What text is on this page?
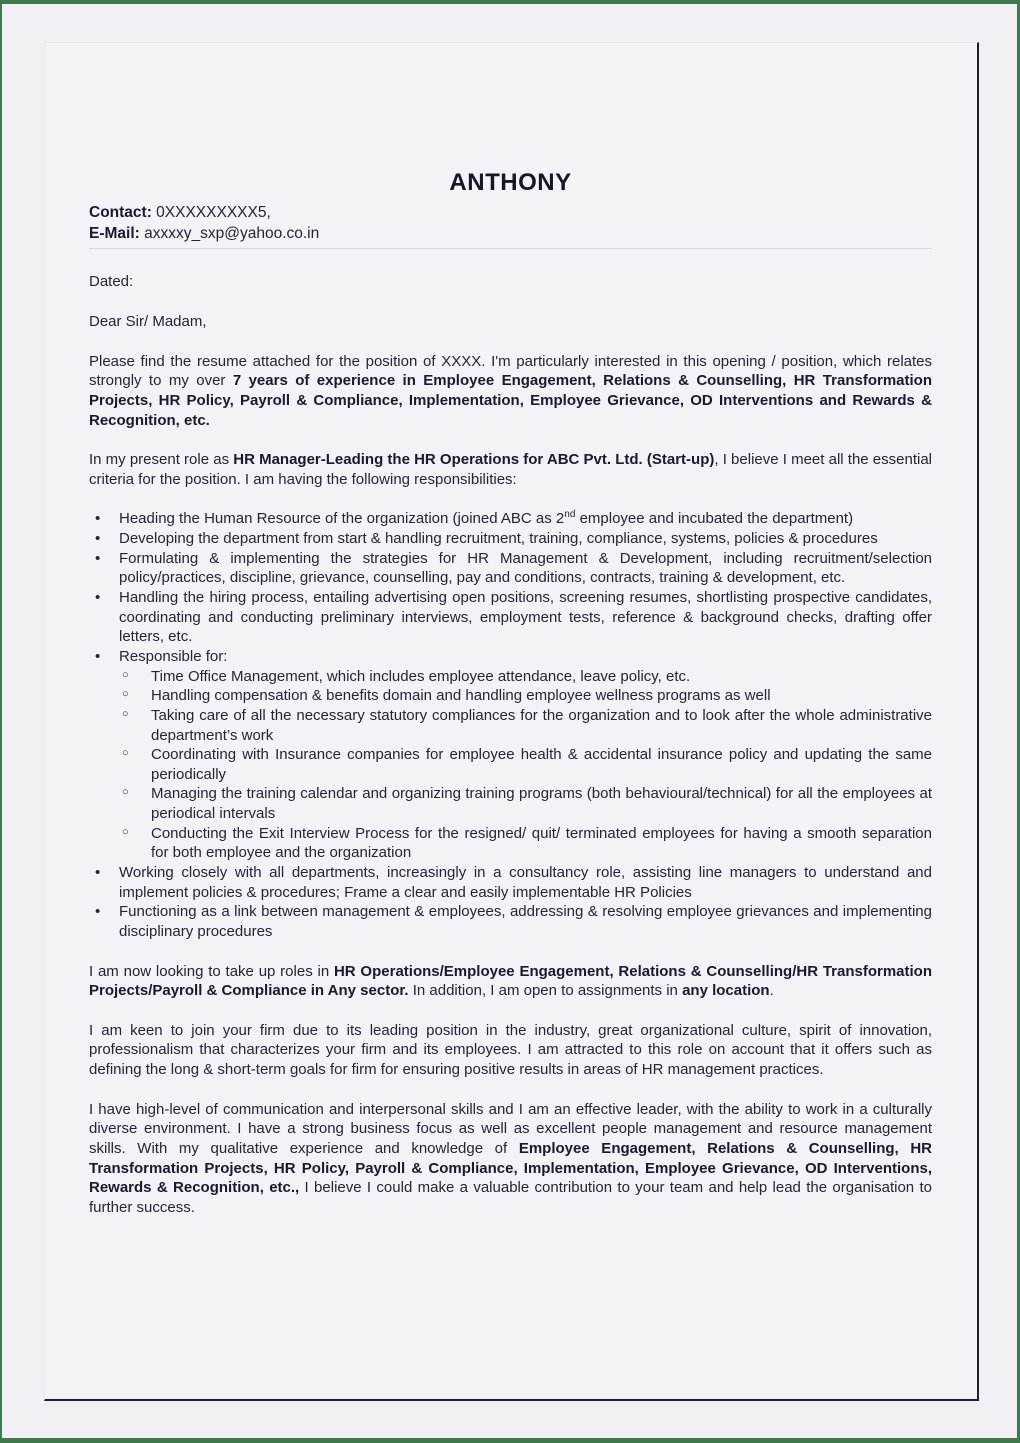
ANTHONY
Contact: 0XXXXXXXXX5,
E-Mail: axxxxy_sxp@yahoo.co.in
Dated:
Dear Sir/ Madam,

Please find the resume attached for the position of XXXX. I'm particularly interested in this opening / position, which relates strongly to my over 7 years of experience in Employee Engagement, Relations & Counselling, HR Transformation Projects, HR Policy, Payroll & Compliance, Implementation, Employee Grievance, OD Interventions and Rewards & Recognition, etc.

In my present role as HR Manager-Leading the HR Operations for ABC Pvt. Ltd. (Start-up), I believe I meet all the essential criteria for the position. I am having the following responsibilities:

• Heading the Human Resource of the organization (joined ABC as 2nd employee and incubated the department)
• Developing the department from start & handling recruitment, training, compliance, systems, policies & procedures
• Formulating & implementing the strategies for HR Management & Development, including recruitment/selection policy/practices, discipline, grievance, counselling, pay and conditions, contracts, training & development, etc.
• Handling the hiring process, entailing advertising open positions, screening resumes, shortlisting prospective candidates, coordinating and conducting preliminary interviews, employment tests, reference & background checks, drafting offer letters, etc.
• Responsible for:
○ Time Office Management, which includes employee attendance, leave policy, etc.
○ Handling compensation & benefits domain and handling employee wellness programs as well
○ Taking care of all the necessary statutory compliances for the organization and to look after the whole administrative department’s work
○ Coordinating with Insurance companies for employee health & accidental insurance policy and updating the same periodically
○ Managing the training calendar and organizing training programs (both behavioural/technical) for all the employees at periodical intervals
○ Conducting the Exit Interview Process for the resigned/ quit/ terminated employees for having a smooth separation for both employee and the organization
• Working closely with all departments, increasingly in a consultancy role, assisting line managers to understand and implement policies & procedures; Frame a clear and easily implementable HR Policies
• Functioning as a link between management & employees, addressing & resolving employee grievances and implementing disciplinary procedures

I am now looking to take up roles in HR Operations/Employee Engagement, Relations & Counselling/HR Transformation Projects/Payroll & Compliance in Any sector. In addition, I am open to assignments in any location.

I am keen to join your firm due to its leading position in the industry, great organizational culture, spirit of innovation, professionalism that characterizes your firm and its employees. I am attracted to this role on account that it offers such as defining the long & short-term goals for firm for ensuring positive results in areas of HR management practices.

I have high-level of communication and interpersonal skills and I am an effective leader, with the ability to work in a culturally diverse environment. I have a strong business focus as well as excellent people management and resource management skills. With my qualitative experience and knowledge of Employee Engagement, Relations & Counselling, HR Transformation Projects, HR Policy, Payroll & Compliance, Implementation, Employee Grievance, OD Interventions, Rewards & Recognition, etc., I believe I could make a valuable contribution to your team and help lead the organisation to further success.
